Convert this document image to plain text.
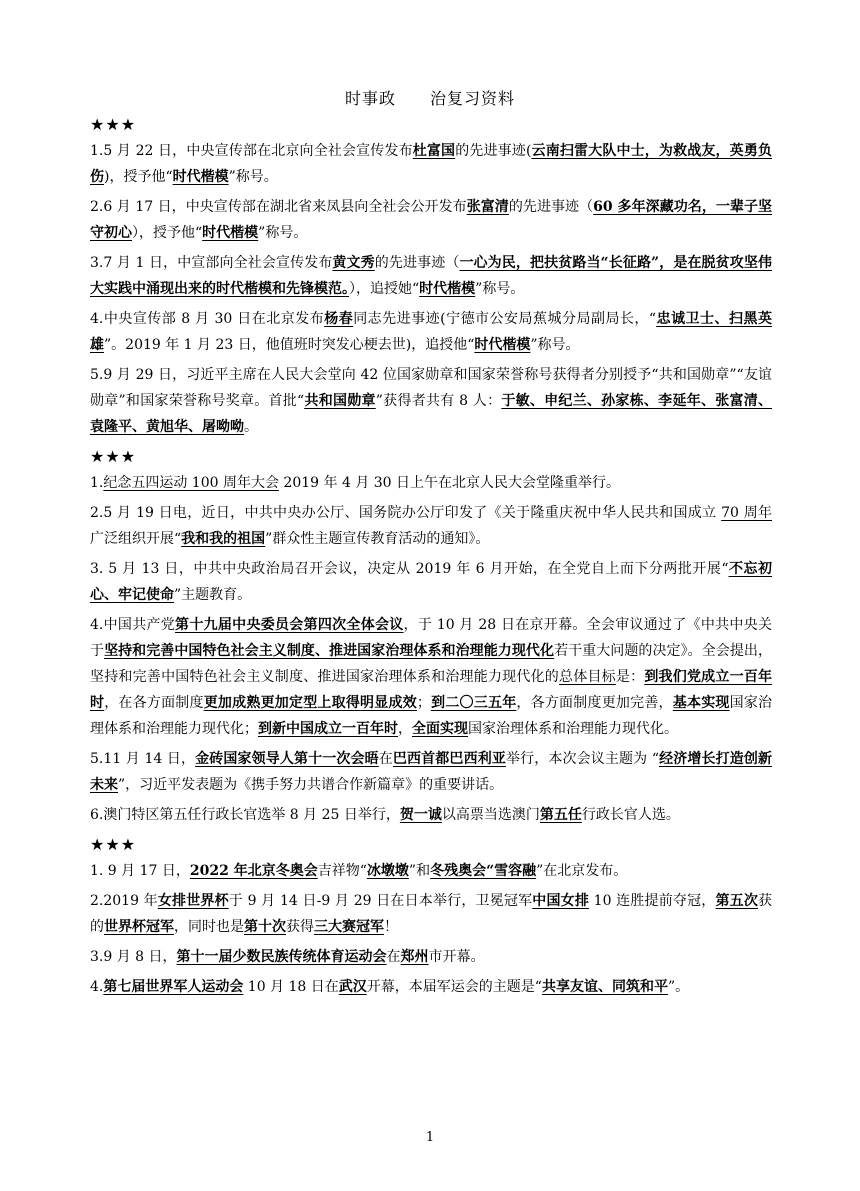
时事政 治复习资料
★★★
1.5 月 22 日，中央宣传部在北京向全社会宣传发布杜富国的先进事迹(云南扫雷大队中士，为救战友，英勇负伤)，授予他“时代楷模”称号。
2.6 月 17 日，中央宣传部在湖北省来凤县向全社会公开发布张富清的先进事迹（60 多年深藏功名，一辈子坚守初心），授予他“时代楷模”称号。
3.7 月 1 日，中宣部向全社会宣传发布黄文秀的先进事迹（一心为民，把扶贫路当“长征路”，是在脱贫攻坚伟大实践中涌现出来的时代楷模和先锋模范。），追授她“时代楷模”称号。
4.中央宣传部 8 月 30 日在北京发布杨春同志先进事迹(宁德市公安局蕉城分局副局长，“忠诚卫士、扫黑英雄”。2019 年 1 月 23 日，他值班时突发心梗去世)，追授他“时代楷模”称号。
5.9 月 29 日，习近平主席在人民大会堂向 42 位国家勋章和国家荣誉称号获得者分别授予“共和国勋章”“友谊勋章”和国家荣誉称号奖章。首批“共和国勋章”获得者共有 8 人：于敏、申纪兰、孙家栋、李延年、张富清、袁隆平、黄旭华、屠呦呦。
★★★
1.纪念五四运动 100 周年大会 2019 年 4 月 30 日上午在北京人民大会堂隆重举行。
2.5 月 19 日电，近日，中共中央办公厅、国务院办公厅印发了《关于隆重庆祝中华人民共和国成立 70 周年广泛组织开展“我和我的祖国”群众性主题宣传教育活动的通知》。
3. 5 月 13 日，中共中央政治局召开会议，决定从 2019 年 6 月开始，在全党自上而下分两批开展“不忘初心、牢记使命”主题教育。
4.中国共产党第十九届中央委员会第四次全体会议，于 10 月 28 日在京开幕。全会审议通过了《中共中央关于坚持和完善中国特色社会主义制度、推进国家治理体系和治理能力现代化若干重大问题的决定》。全会提出，坚持和完善中国特色社会主义制度、推进国家治理体系和治理能力现代化的总体目标是：到我们党成立一百年时，在各方面制度更加成熟更加定型上取得明显成效；到二〇三五年，各方面制度更加完善，基本实现国家治理体系和治理能力现代化；到新中国成立一百年时，全面实现国家治理体系和治理能力现代化。
5.11 月 14 日，金砖国家领导人第十一次会晤在巴西首都巴西利亚举行，本次会议主题为 “经济增长打造创新未来”，习近平发表题为《携手努力共谱合作新篇章》的重要讲话。
6.澳门特区第五任行政长官选举 8 月 25 日举行，贺一诚以高票当选澳门第五任行政长官人选。
★★★
1. 9 月 17 日，2022 年北京冬奥会吉祥物“冰墩墩”和冬残奥会“雪容融”在北京发布。
2.2019 年女排世界杯于 9 月 14 日-9 月 29 日在日本举行，卫冕冠军中国女排 10 连胜提前夺冠，第五次获的世界杯冠军，同时也是第十次获得三大赛冠军！
3.9 月 8 日，第十一届少数民族传统体育运动会在郑州市开幕。
4.第七届世界军人运动会 10 月 18 日在武汉开幕，本届军运会的主题是“共享友谊、同筑和平”。
1
